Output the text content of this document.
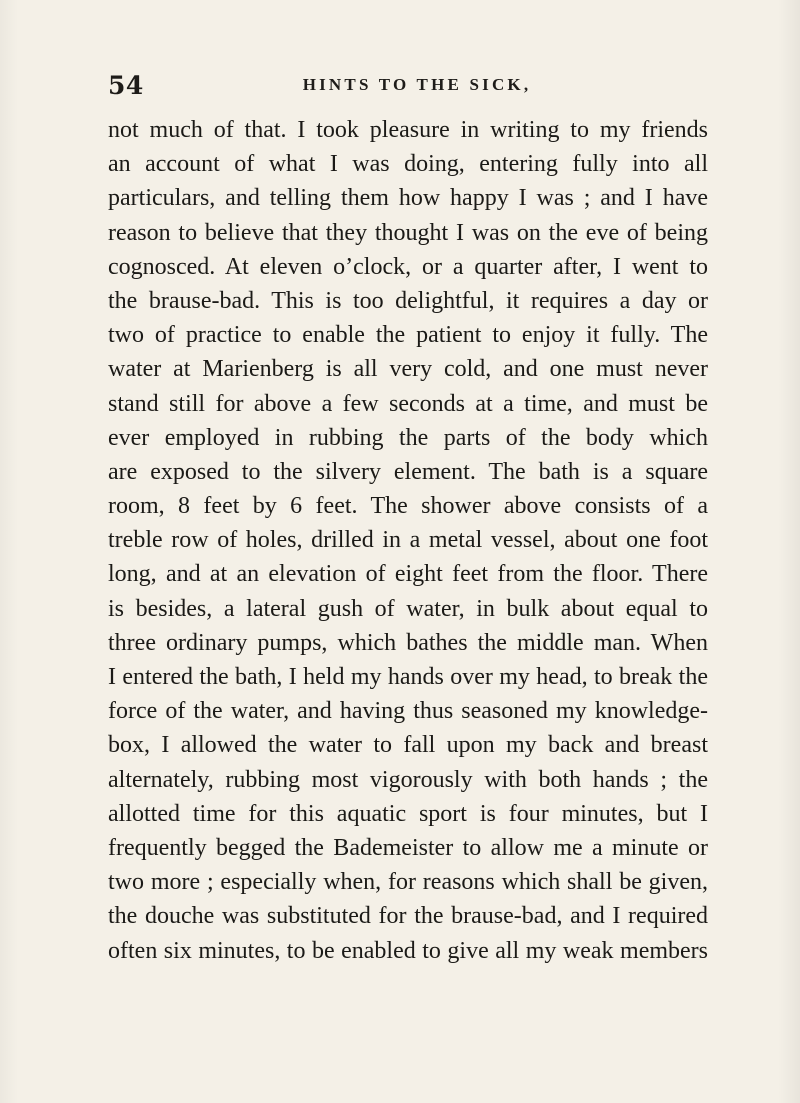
54	HINTS TO THE SICK,
not much of that. I took pleasure in writing to my friends
an account of what I was doing, entering fully into all
particulars, and telling them how happy I was ; and I have
reason to believe that they thought I was on the eve of being
cognosced. At eleven o’clock, or a quarter after, I went to
the brause-bad. This is too delightful, it requires a day or
two of practice to enable the patient to enjoy it fully. The
water at Marienberg is all very cold, and one must never
stand still for above a few seconds at a time, and must be
ever employed in rubbing the parts of the body which
are exposed to the silvery element. The bath is a square
room, 8 feet by 6 feet. The shower above consists of a
treble row of holes, drilled in a metal vessel, about one foot
long, and at an elevation of eight feet from the floor. There
is besides, a lateral gush of water, in bulk about equal to
three ordinary pumps, which bathes the middle man. When
I entered the bath, I held my hands over my head, to break the
force of the water, and having thus seasoned my knowledge-
box, I allowed the water to fall upon my back and breast
alternately, rubbing most vigorously with both hands ; the
allotted time for this aquatic sport is four minutes, but I
frequently begged the Bademeister to allow me a minute or
two more ; especially when, for reasons which shall be given,
the douche was substituted for the brause-bad, and I required
often six minutes, to be enabled to give all my weak members
